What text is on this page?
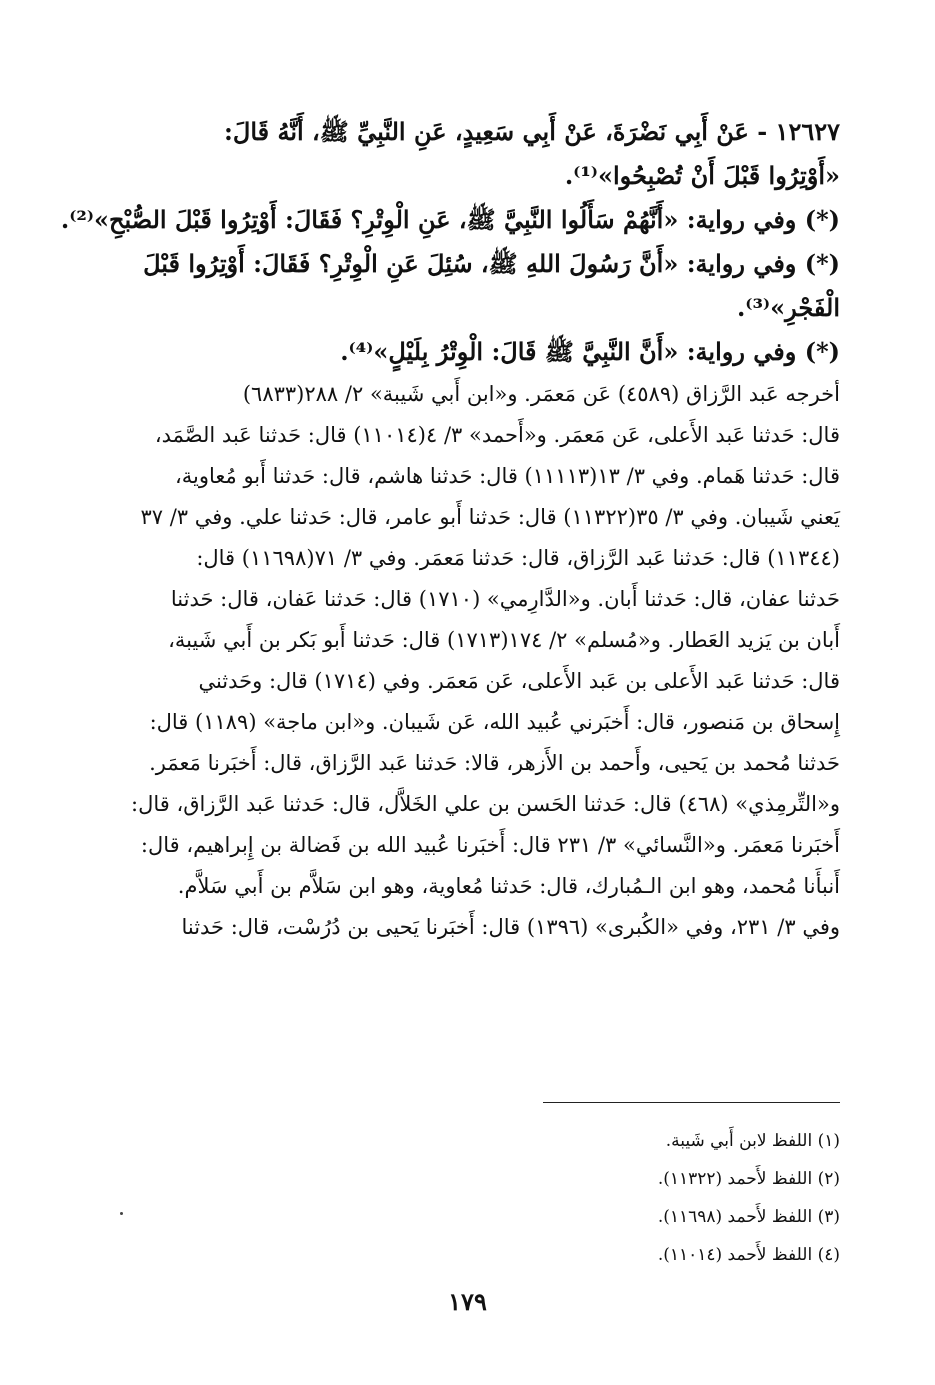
١٢٦٢٧ - عَنْ أَبِي نَضْرَةَ، عَنْ أَبِي سَعِيدٍ، عَنِ النَّبِيِّ ﷺ، أَنَّهُ قَالَ:

«أَوْتِرُوا قَبْلَ أَنْ تُصْبِحُوا»⁽¹⁾.

(*) وفي رواية: «أَنَّهُمْ سَأَلُوا النَّبِيَّ ﷺ، عَنِ الْوِتْرِ؟ فَقَالَ: أَوْتِرُوا قَبْلَ الصُّبْحِ»⁽²⁾.

(*) وفي رواية: «أَنَّ رَسُولَ اللهِ ﷺ، سُئِلَ عَنِ الْوِتْرِ؟ فَقَالَ: أَوْتِرُوا قَبْلَ

الْفَجْرِ»⁽³⁾.

(*) وفي رواية: «أَنَّ النَّبِيَّ ﷺ قَالَ: الْوِتْرُ بِلَيْلٍ»⁽⁴⁾.

أخرجه عَبد الرَّزاق (٤٥٨٩) عَن مَعمَر. و«ابن أَبي شَيبة» ٢/ ٢٨٨(٦٨٣٣)

قال: حَدثنا عَبد الأَعلى، عَن مَعمَر. و«أَحمد» ٣/ ٤(١١٠١٤) قال: حَدثنا عَبد الصَّمَد،

قال: حَدثنا هَمام. وفي ٣/ ١٣(١١١١٣) قال: حَدثنا هاشم، قال: حَدثنا أَبو مُعاوية،

يَعني شَيبان. وفي ٣/ ٣٥(١١٣٢٢) قال: حَدثنا أَبو عامر، قال: حَدثنا علي. وفي ٣/ ٣٧

(١١٣٤٤) قال: حَدثنا عَبد الرَّزاق، قال: حَدثنا مَعمَر. وفي ٣/ ٧١(١١٦٩٨) قال:

حَدثنا عفان، قال: حَدثنا أَبان. و«الدَّارِمي» (١٧١٠) قال: حَدثنا عَفان، قال: حَدثنا

أَبان بن يَزيد العَطار. و«مُسلم» ٢/ ١٧٤(١٧١٣) قال: حَدثنا أَبو بَكر بن أَبي شَيبة،

قال: حَدثنا عَبد الأَعلى بن عَبد الأَعلى، عَن مَعمَر. وفي (١٧١٤) قال: وحَدثني

إِسحاق بن مَنصور، قال: أَخبَرني عُبيد الله، عَن شَيبان. و«ابن ماجة» (١١٨٩) قال:

حَدثنا مُحمد بن يَحيى، وأَحمد بن الأَزهر، قالا: حَدثنا عَبد الرَّزاق، قال: أَخبَرنا مَعمَر.

و«التِّرمِذي» (٤٦٨) قال: حَدثنا الحَسن بن علي الخَلاَّل، قال: حَدثنا عَبد الرَّزاق، قال:

أَخبَرنا مَعمَر. و«النَّسائي» ٣/ ٢٣١ قال: أَخبَرنا عُبيد الله بن فَضالة بن إِبراهيم، قال:

أَنبأَنا مُحمد، وهو ابن الـمُبارك، قال: حَدثنا مُعاوية، وهو ابن سَلاَّم بن أَبي سَلاَّم.

وفي ٣/ ٢٣١، وفي «الكُبرى» (١٣٩٦) قال: أَخبَرنا يَحيى بن دُرُسْت، قال: حَدثنا

(١) اللفظ لابن أَبي شَيبة.

(٢) اللفظ لأَحمد (١١٣٢٢).

(٣) اللفظ لأَحمد (١١٦٩٨).

(٤) اللفظ لأَحمد (١١٠١٤).

١٧٩
